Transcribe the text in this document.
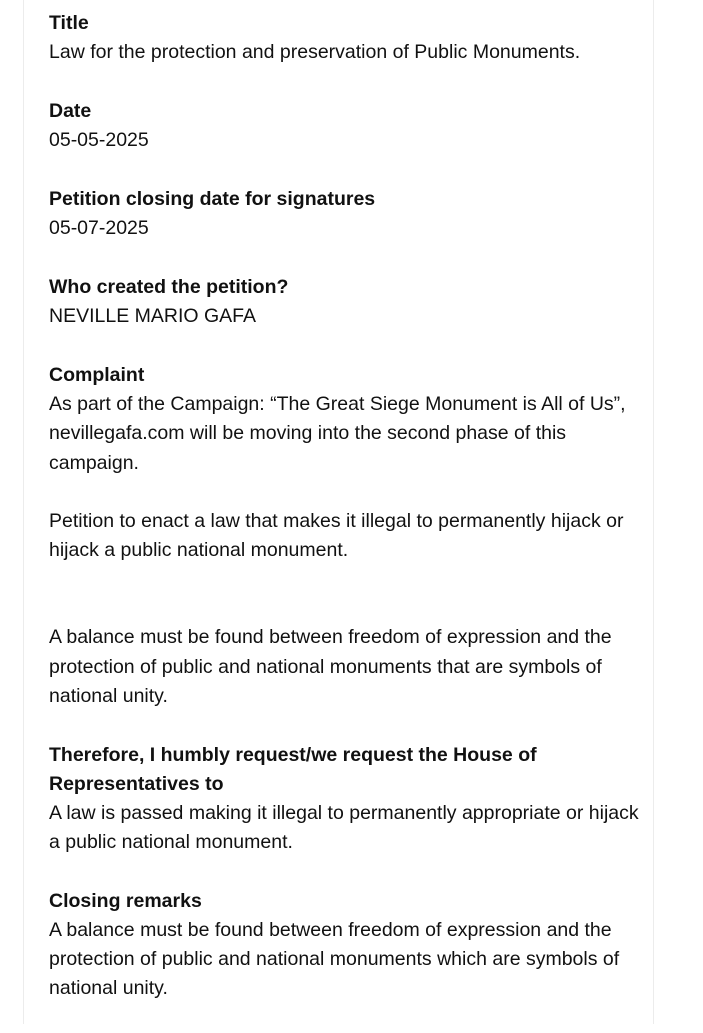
Title

Law for the protection and preservation of Public Monuments.

Date

05-05-2025

Petition closing date for signatures

05-07-2025

Who created the petition?

NEVILLE MARIO GAFA

Complaint

As part of the Campaign: “The Great Siege Monument is All of Us”, nevillegafa.com will be moving into the second phase of this campaign.

Petition to enact a law that makes it illegal to permanently hijack or hijack a public national monument.

A balance must be found between freedom of expression and the protection of public and national monuments that are symbols of national unity.

Therefore, I humbly request/we request the House of Representatives to

A law is passed making it illegal to permanently appropriate or hijack a public national monument.

Closing remarks

A balance must be found between freedom of expression and the protection of public and national monuments which are symbols of national unity.
